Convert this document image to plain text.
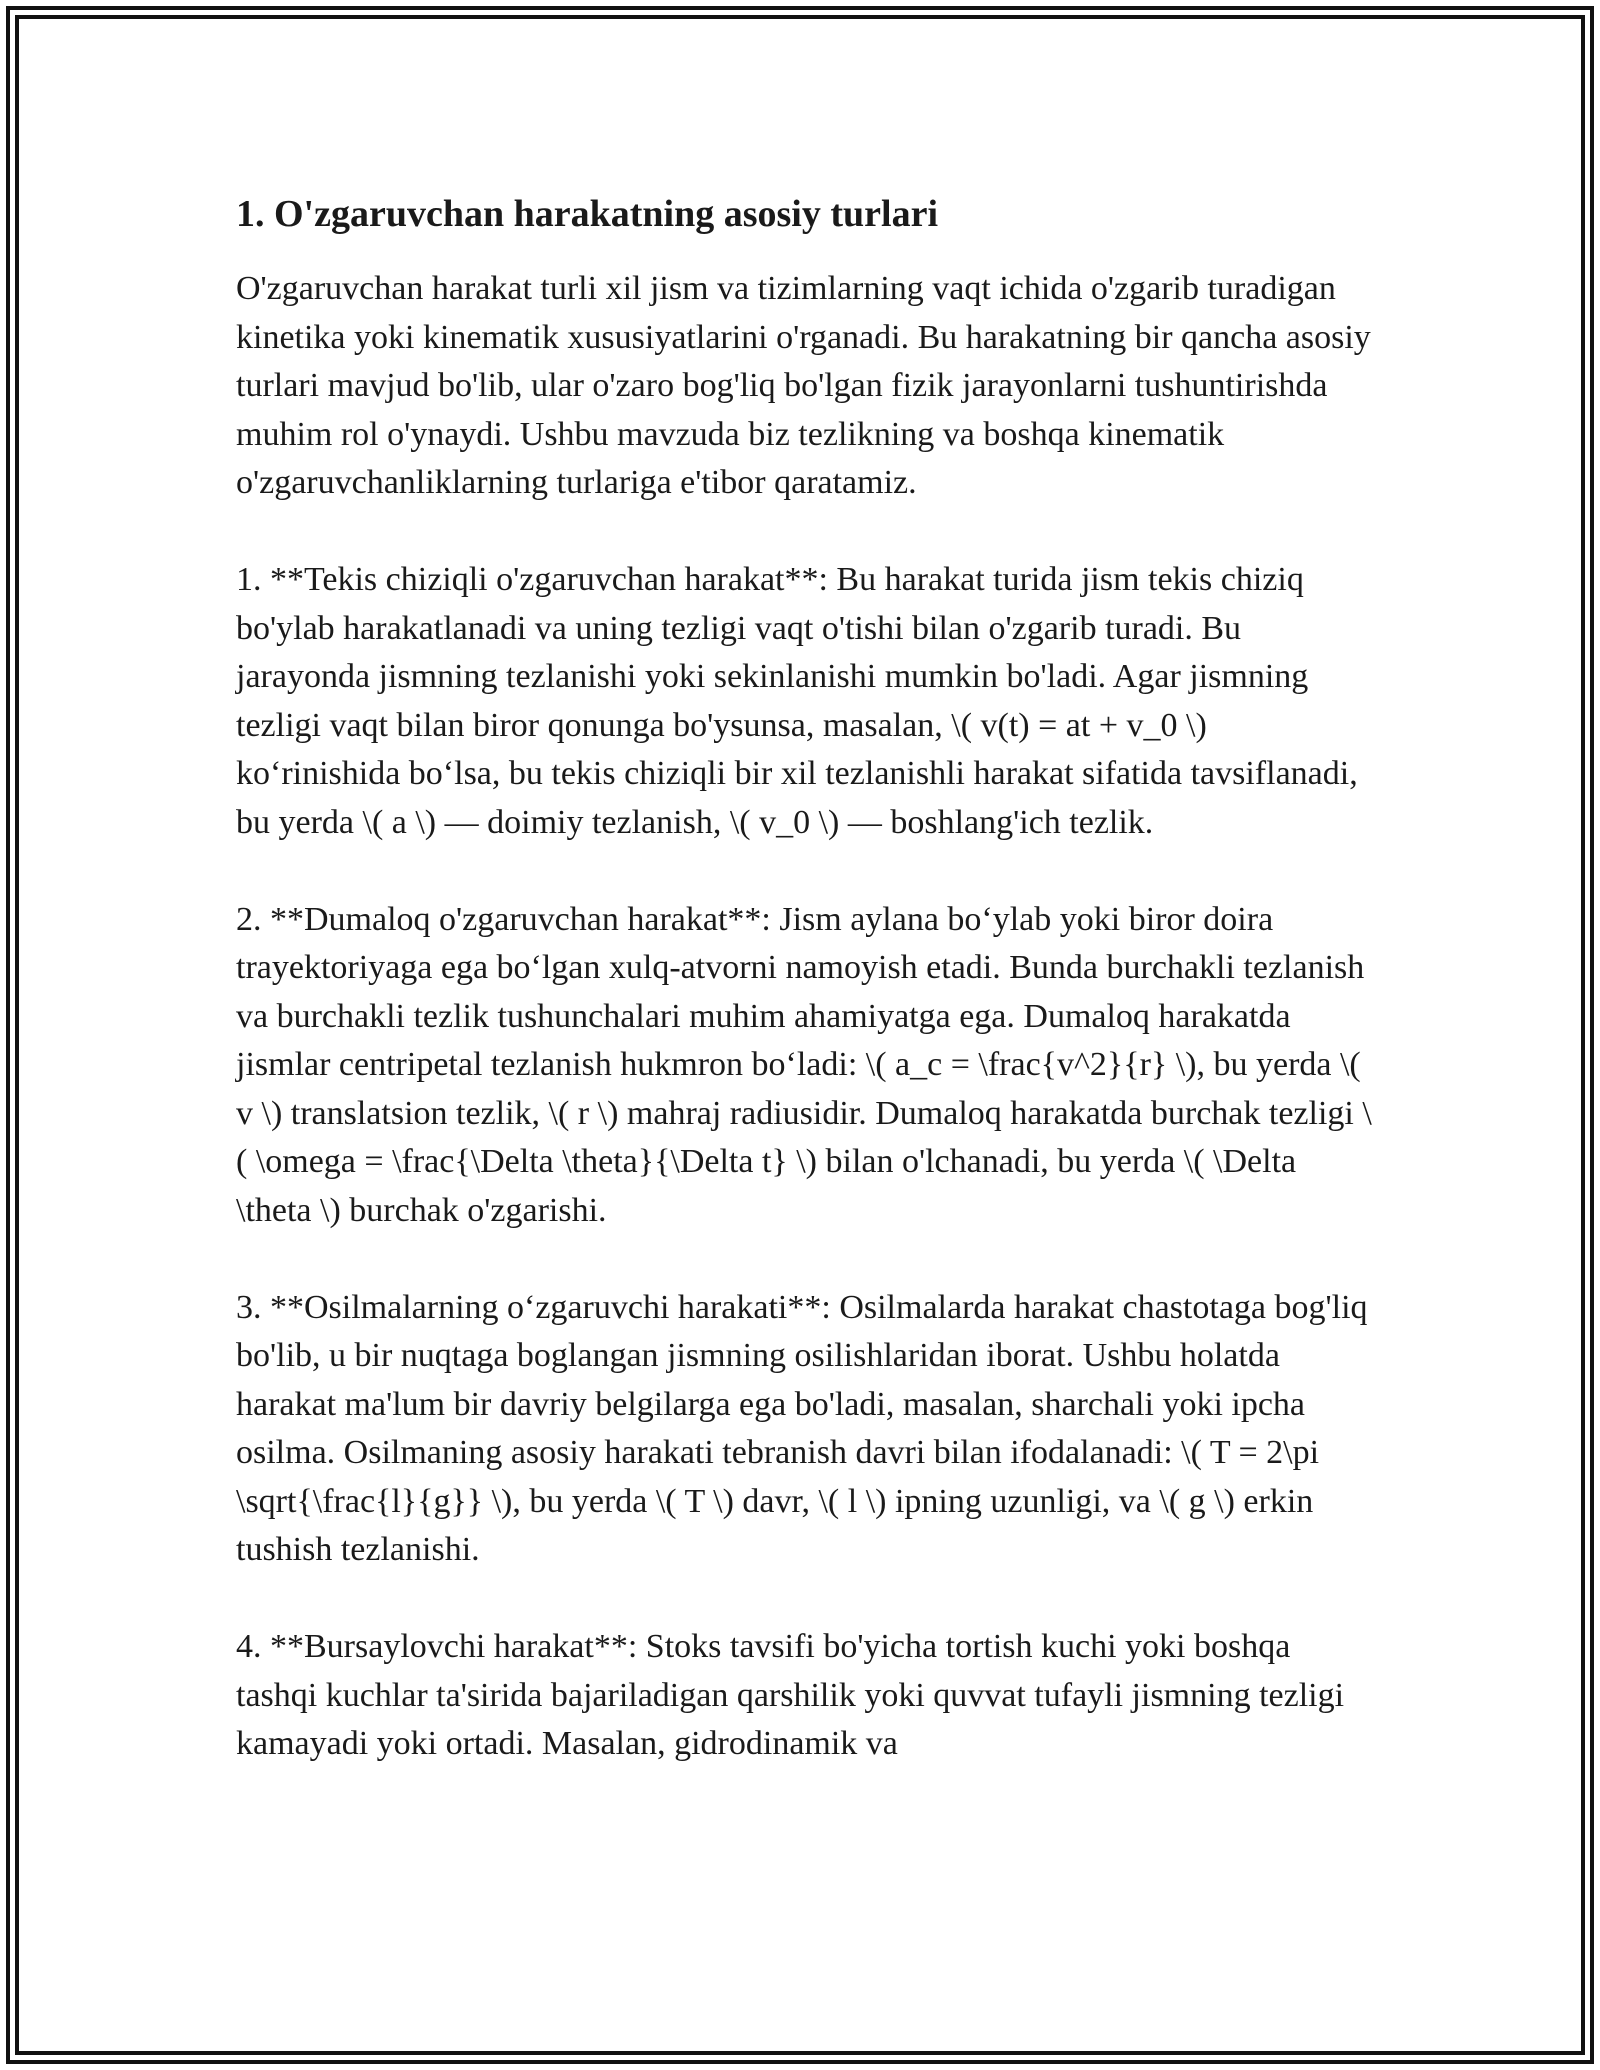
1. O'zgaruvchan harakatning asosiy turlari

O'zgaruvchan harakat turli xil jism va tizimlarning vaqt ichida o'zgarib turadigan kinetika yoki kinematik xususiyatlarini o'rganadi. Bu harakatning bir qancha asosiy turlari mavjud bo'lib, ular o'zaro bog'liq bo'lgan fizik jarayonlarni tushuntirishda muhim rol o'ynaydi. Ushbu mavzuda biz tezlikning va boshqa kinematik o'zgaruvchanliklarning turlariga e'tibor qaratamiz.

1. **Tekis chiziqli o'zgaruvchan harakat**: Bu harakat turida jism tekis chiziq bo'ylab harakatlanadi va uning tezligi vaqt o'tishi bilan o'zgarib turadi. Bu jarayonda jismning tezlanishi yoki sekinlanishi mumkin bo'ladi. Agar jismning tezligi vaqt bilan biror qonunga bo'ysunsa, masalan, \( v(t) = at + v_0 \) ko‘rinishida bo‘lsa, bu tekis chiziqli bir xil tezlanishli harakat sifatida tavsiflanadi, bu yerda \( a \) — doimiy tezlanish, \( v_0 \) — boshlang'ich tezlik.

2. **Dumaloq o'zgaruvchan harakat**: Jism aylana bo‘ylab yoki biror doira trayektoriyaga ega bo‘lgan xulq-atvorni namoyish etadi. Bunda burchakli tezlanish va burchakli tezlik tushunchalari muhim ahamiyatga ega. Dumaloq harakatda jismlar centripetal tezlanish hukmron bo‘ladi: \( a_c = \frac{v^2}{r} \), bu yerda \( v \) translatsion tezlik, \( r \) mahraj radiusidir. Dumaloq harakatda burchak tezligi \( \omega = \frac{\Delta \theta}{\Delta t} \) bilan o'lchanadi, bu yerda \( \Delta \theta \) burchak o'zgarishi.

3. **Osilmalarning o‘zgaruvchi harakati**: Osilmalarda harakat chastotaga bog'liq bo'lib, u bir nuqtaga boglangan jismning osilishlaridan iborat. Ushbu holatda harakat ma'lum bir davriy belgilarga ega bo'ladi, masalan, sharchali yoki ipcha osilma. Osilmaning asosiy harakati tebranish davri bilan ifodalanadi: \( T = 2\pi \sqrt{\frac{l}{g}} \), bu yerda \( T \) davr, \( l \) ipning uzunligi, va \( g \) erkin tushish tezlanishi.

4. **Bursaylovchi harakat**: Stoks tavsifi bo'yicha tortish kuchi yoki boshqa tashqi kuchlar ta'sirida bajariladigan qarshilik yoki quvvat tufayli jismning tezligi kamayadi yoki ortadi. Masalan, gidrodinamik va
